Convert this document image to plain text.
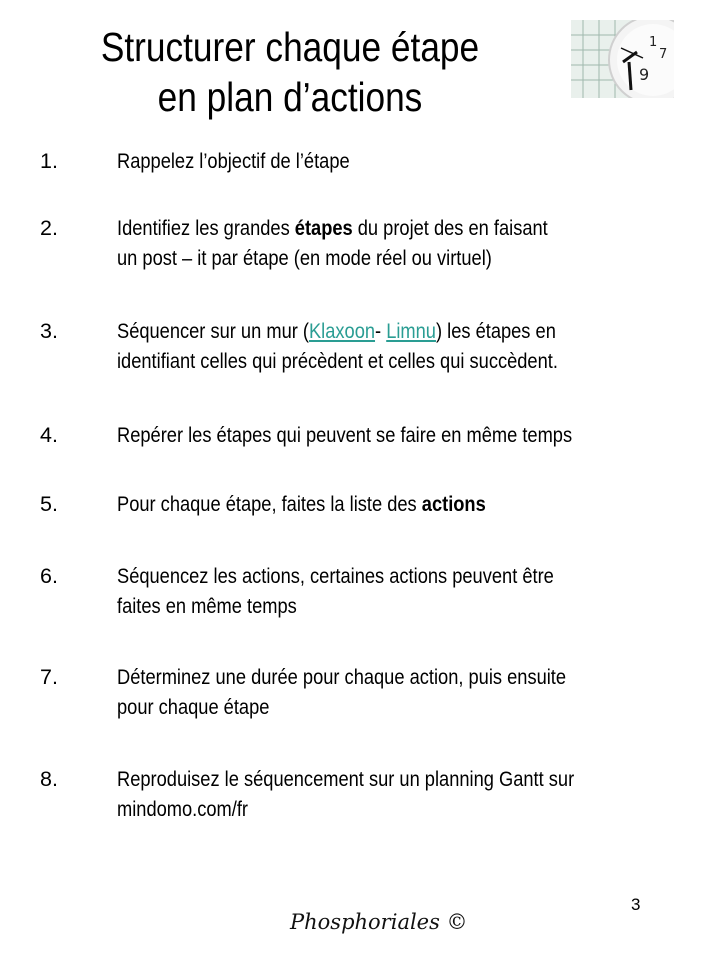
Structurer chaque étape
en plan d’actions
1
7
9
1.	Rappelez l’objectif de l’étape
2.	Identifiez les grandes étapes du projet des en faisant
un post – it par étape (en mode réel ou virtuel)
3.	Séquencer sur un mur (Klaxoon- Limnu) les étapes en
identifiant celles qui précèdent et celles qui succèdent.
4.	Repérer les étapes qui peuvent se faire en même temps
5.	Pour chaque étape, faites la liste des actions
6.	Séquencez les actions, certaines actions peuvent être
faites en même temps
7.	Déterminez une durée pour chaque action, puis ensuite
pour chaque étape
8.	Reproduisez le séquencement sur un planning Gantt sur
mindomo.com/fr
3
Phosphoriales ©
